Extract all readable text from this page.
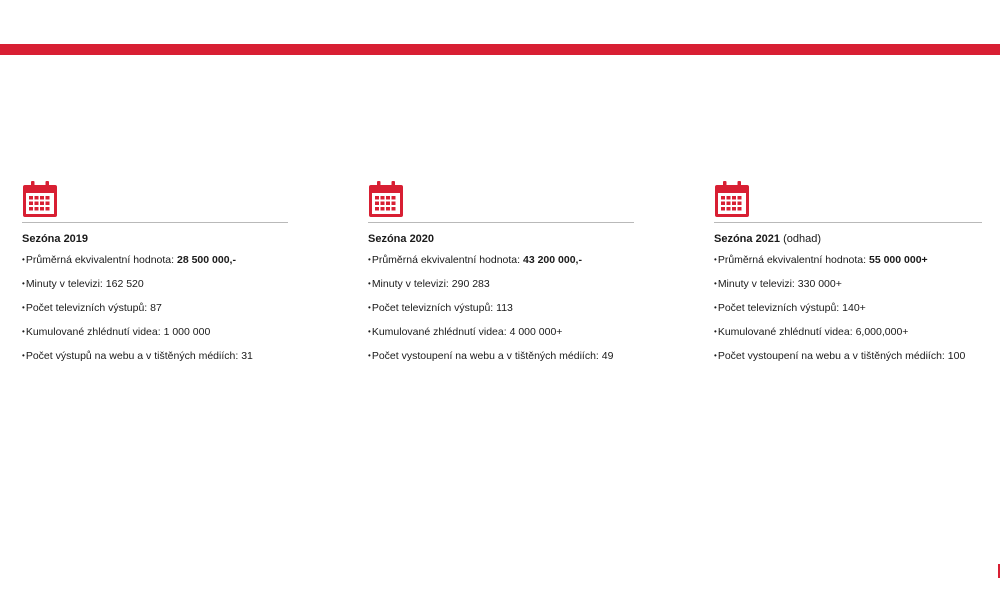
Sezóna 2019
•Průměrná ekvivalentní hodnota: 28 500 000,-
•Minuty v televizi: 162 520
•Počet televizních výstupů: 87
•Kumulované zhlédnutí videa: 1 000 000
•Počet výstupů na webu a v tištěných médiích: 31
Sezóna 2020
•Průměrná ekvivalentní hodnota: 43 200 000,-
•Minuty v televizi: 290 283
•Počet televizních výstupů: 113
•Kumulované zhlédnutí videa: 4 000 000+
•Počet vystoupení na webu a v tištěných médiích: 49
Sezóna 2021 (odhad)
•Průměrná ekvivalentní hodnota: 55 000 000+
•Minuty v televizi: 330 000+
•Počet televizních výstupů: 140+
•Kumulované zhlédnutí videa: 6,000,000+
•Počet vystoupení na webu a v tištěných médiích: 100
